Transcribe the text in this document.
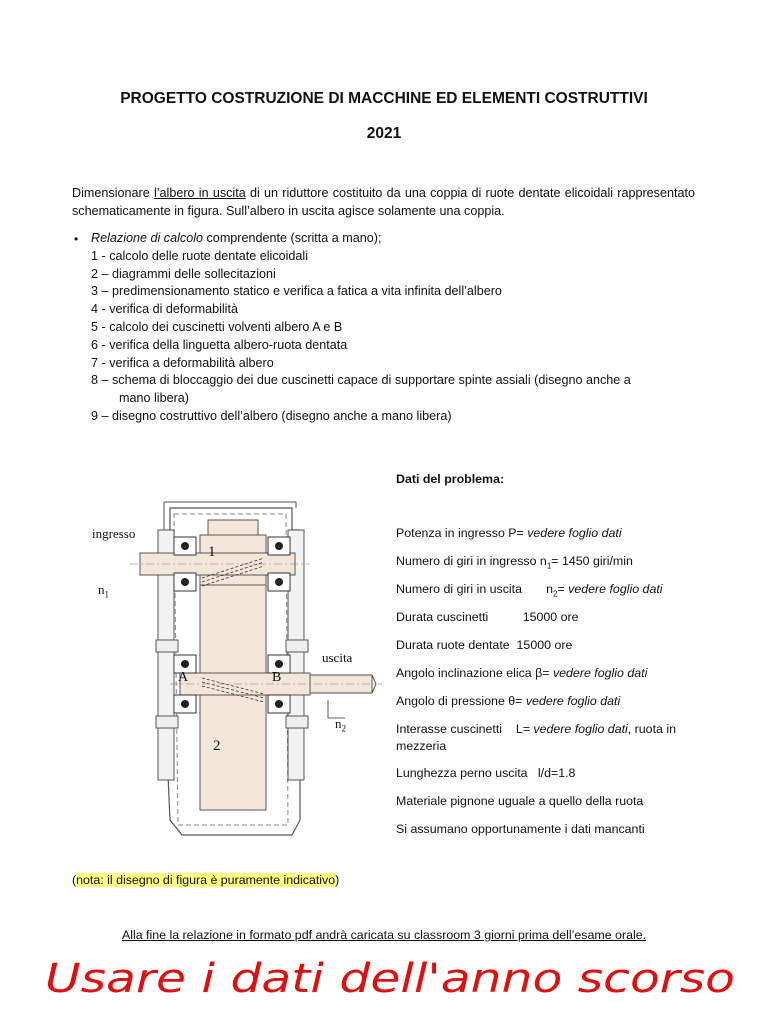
PROGETTO COSTRUZIONE DI MACCHINE ED ELEMENTI COSTRUTTIVI
2021
Dimensionare l’albero in uscita di un riduttore costituito da una coppia di ruote dentate elicoidali rappresentato schematicamente in figura. Sull’albero in uscita agisce solamente una coppia.
• Relazione di calcolo comprendente (scritta a mano);
1 - calcolo delle ruote dentate elicoidali
2 – diagrammi delle sollecitazioni
3 – predimensionamento statico e verifica a fatica a vita infinita dell’albero
4 - verifica di deformabilità
5 - calcolo dei cuscinetti volventi albero A e B
6 - verifica della linguetta albero-ruota dentata
7 - verifica a deformabilità albero
8 – schema di bloccaggio dei due cuscinetti capace di supportare spinte assiali (disegno anche a
mano libera)
9 – disegno costruttivo dell’albero (disegno anche a mano libera)
ingresso
1
$n_1$
uscita
A	B
$n_2$
2
Dati del problema:
Potenza in ingresso P= vedere foglio dati
Numero di giri in ingresso $n_1= 1450$ giri/min
Numero di giri in uscita       $n_2=$ vedere foglio dati
Durata cuscinetti          15000 ore
Durata ruote dentate  15000 ore
Angolo inclinazione elica β= vedere foglio dati
Angolo di pressione θ= vedere foglio dati
Interasse cuscinetti    L= vedere foglio dati, ruota in mezzeria
Lunghezza perno uscita   l/d=1.8
Materiale pignone uguale a quello della ruota
Si assumano opportunamente i dati mancanti
(nota: il disegno di figura è puramente indicativo)
Alla fine la relazione in formato pdf andrà caricata su classroom 3 giorni prima dell’esame orale.
Usare i dati dell'anno scorso
